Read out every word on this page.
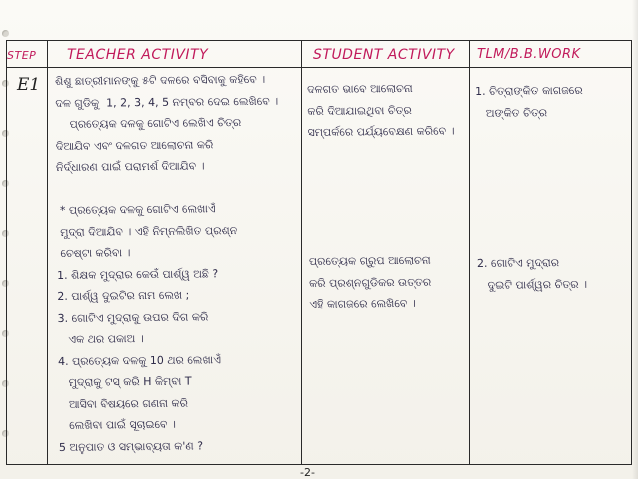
STEP	TEACHER ACTIVITY	STUDENT ACTIVITY TLM/B.B.WORK
E1 ଶିଶୁ ଛାତ୍ରୀମାନଙ୍କୁ ୫ଟି ଦଳରେ ବସିବାକୁ କହିବେ ।
ଦଳ ଗୁଡିକୁ  1, 2, 3, 4, 5 ନମ୍ବର ଦେଇ ଲେଖିବେ ।
ପ୍ରତ୍ୟେକ ଦଳକୁ ଗୋଟିଏ ଲେଖିଏ ଚିତ୍ର
ଦିଆଯିବ ଏବଂ ଦଳଗତ ଆଲୋଚନା କରି
ନିର୍ଦ୍ଧାରଣ ପାଇଁ ପରାମର୍ଶ ଦିଆଯିବ ।

* ପ୍ରତ୍ୟେକ ଦଳକୁ ଗୋଟିଏ ଲେଖାଏଁ
ମୁଦ୍ରା ଦିଆଯିବ । ଏହି ନିମ୍ନଲିଖିତ ପ୍ରଶ୍ନ
ଚେଷ୍ଟା କରିବା ।
1. ଶିକ୍ଷକ ମୁଦ୍ରାର କେଉଁ ପାର୍ଶ୍ୱ ଅଛି ?
2. ପାର୍ଶ୍ୱ ଦୁଇଟିର ନାମ ଲେଖ ;
3. ଗୋଟିଏ ମୁଦ୍ରାକୁ ଉପର ଦିଗ କରି
ଏକ ଥର ପକାଅ ।
4. ପ୍ରତ୍ୟେକ ଦଳକୁ 10 ଥର ଲେଖାଏଁ
ମୁଦ୍ରାକୁ ଟସ୍ କରି H କିମ୍ବା T
ଆସିବା ବିଷୟରେ ଗଣନା କରି
ଲେଖିବା ପାଇଁ ସୂଚାଇବେ ।
5 ଅନୁପାତ ଓ ସମ୍ଭାବ୍ୟତା କ'ଣ ?
ଦଳଗତ ଭାବେ ଆଲୋଚନା
କରି ଦିଆଯାଇଥିବା ଚିତ୍ର
ସମ୍ପର୍କରେ ପର୍ଯ୍ୟବେକ୍ଷଣ କରିବେ ।

ପ୍ରତ୍ୟେକ ଗ୍ରୁପ ଆଲୋଚନା
କରି ପ୍ରଶ୍ନଗୁଡିକର ଉତ୍ତର
ଏହି କାଗଜରେ ଲେଖିବେ ।
1. ଚିତ୍ରାଙ୍କିତ କାଗଜରେ
ଅଙ୍କିତ ଚିତ୍ର

2. ଗୋଟିଏ ମୁଦ୍ରାର
ଦୁଇଟି ପାର୍ଶ୍ୱର ଚିତ୍ର ।
-2-
